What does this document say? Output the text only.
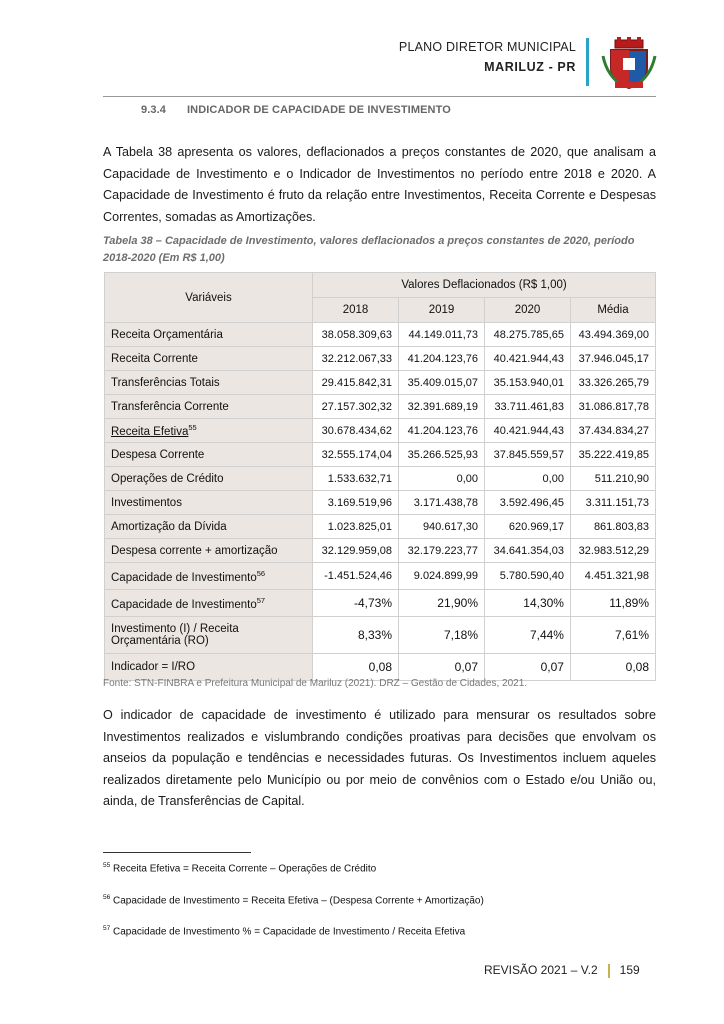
PLANO DIRETOR MUNICIPAL
MARILUZ - PR
9.3.4 INDICADOR DE CAPACIDADE DE INVESTIMENTO
A Tabela 38 apresenta os valores, deflacionados a preços constantes de 2020, que analisam a Capacidade de Investimento e o Indicador de Investimentos no período entre 2018 e 2020. A Capacidade de Investimento é fruto da relação entre Investimentos, Receita Corrente e Despesas Correntes, somadas as Amortizações.
Tabela 38 – Capacidade de Investimento, valores deflacionados a preços constantes de 2020, período 2018-2020 (Em R$ 1,00)
Variáveis	Valores Deflacionados (R$ 1,00)			
	2018	2019	2020	Média
Receita Orçamentária	38.058.309,63	44.149.011,73	48.275.785,65	43.494.369,00
Receita Corrente	32.212.067,33	41.204.123,76	40.421.944,43	37.946.045,17
Transferências Totais	29.415.842,31	35.409.015,07	35.153.940,01	33.326.265,79
Transferência Corrente	27.157.302,32	32.391.689,19	33.711.461,83	31.086.817,78
Receita Efetiva$^{55}$	30.678.434,62	41.204.123,76	40.421.944,43	37.434.834,27
Despesa Corrente	32.555.174,04	35.266.525,93	37.845.559,57	35.222.419,85
Operações de Crédito	1.533.632,71	0,00	0,00	511.210,90
Investimentos	3.169.519,96	3.171.438,78	3.592.496,45	3.311.151,73
Amortização da Dívida	1.023.825,01	940.617,30	620.969,17	861.803,83
Despesa corrente + amortização	32.129.959,08	32.179.223,77	34.641.354,03	32.983.512,29
Capacidade de Investimento$^{56}$	-1.451.524,46	9.024.899,99	5.780.590,40	4.451.321,98
Capacidade de Investimento$^{57}$	-4,73%	21,90%	14,30%	11,89%
Investimento (I) / Receita Orçamentária (RO)	8,33%	7,18%	7,44%	7,61%
Indicador = I/RO	0,08	0,07	0,07	0,08
Fonte: STN-FINBRA e Prefeitura Municipal de Mariluz (2021). DRZ – Gestão de Cidades, 2021.
O indicador de capacidade de investimento é utilizado para mensurar os resultados sobre Investimentos realizados e vislumbrando condições proativas para decisões que envolvam os anseios da população e tendências e necessidades futuras. Os Investimentos incluem aqueles realizados diretamente pelo Município ou por meio de convênios com o Estado e/ou União ou, ainda, de Transferências de Capital.
$^{55}$ Receita Efetiva = Receita Corrente – Operações de Crédito
$^{56}$ Capacidade de Investimento = Receita Efetiva – (Despesa Corrente + Amortização)
$^{57}$ Capacidade de Investimento % = Capacidade de Investimento / Receita Efetiva
REVISÃO 2021 – V.2 159
